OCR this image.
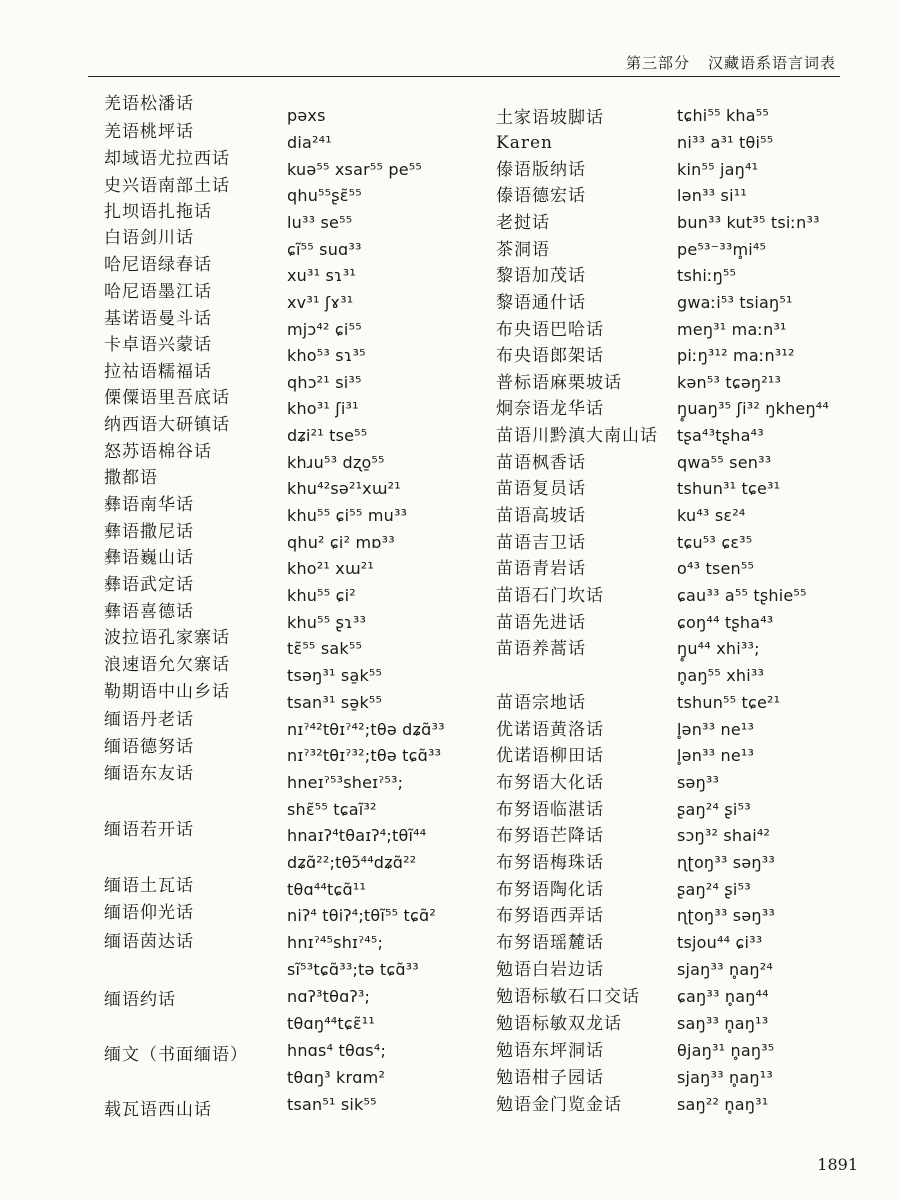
第三部分 汉藏语系语言词表
羌语松潘话
羌语桃坪话
却域语尤拉西话
史兴语南部土话
扎坝语扎拖话
白语剑川话
哈尼语绿春话
哈尼语墨江话
基诺语曼斗话
卡卓语兴蒙话
拉祜语糯福话
傈僳语里吾底话
纳西语大研镇话
怒苏语棉谷话
撒都语
彝语南华话
彝语撒尼话
彝语巍山话
彝语武定话
彝语喜德话
波拉语孔家寨话
浪速语允欠寨话
勒期语中山乡话
缅语丹老话
缅语德努话
缅语东友话
缅语若开话
缅语土瓦话
缅语仰光话
缅语茵达话
缅语约话
缅文（书面缅语）
载瓦语西山话
pəxs
dia²⁴¹
kuə⁵⁵ xsar⁵⁵ pe⁵⁵
qhu⁵⁵ʂɛ̃⁵⁵
lu³³ se⁵⁵
ɕĩ⁵⁵ suɑ³³
xu³¹ sɿ³¹
xv³¹ ʃɤ³¹
mjɔ⁴² ɕi⁵⁵
kho⁵³ sɿ³⁵
qhɔ²¹ si³⁵
kho³¹ ʃi³¹
dʑi²¹ tse⁵⁵
khɹu⁵³ dʐo̱⁵⁵
khu⁴²sə²¹xɯ²¹
khu⁵⁵ ɕi⁵⁵ mu³³
qhu² ɕi² mɒ³³
kho²¹ xɯ²¹
khu⁵⁵ ɕi²
khu⁵⁵ ʂɿ³³
tɛ̃⁵⁵ sak⁵⁵
tsəŋ³¹ sa̱k⁵⁵
tsan³¹ sə̱k⁵⁵
nɪˀ⁴²tθɪˀ⁴²;tθə dʑɑ̃³³
nɪˀ³²tθɪˀ³²;tθə tɕɑ̃³³
hneɪˀ⁵³sheɪˀ⁵³;
shɛ̃⁵⁵ tɕaĩ³²
hnaɪʔ⁴tθaɪʔ⁴;tθĩ⁴⁴
dʑɑ̃²²;tθɔ̃⁴⁴dʑɑ̃²²
tθɑ⁴⁴tɕɑ̃¹¹
niʔ⁴ tθiʔ⁴;tθĩ⁵⁵ tɕɑ̃²
hnɪˀ⁴⁵shɪˀ⁴⁵;
sĩ⁵³tɕɑ̃³³;tə tɕɑ̃³³
nɑʔ³tθɑʔ³;
tθɑŋ⁴⁴tɕɛ̃¹¹
hnɑs⁴ tθɑs⁴;
tθɑŋ³ krɑm²
tsan⁵¹ sik⁵⁵
土家语坡脚话
Karen
傣语版纳话
傣语德宏话
老挝话
茶洞语
黎语加茂话
黎语通什话
布央语巴哈话
布央语郎架话
普标语麻栗坡话
炯奈语龙华话
苗语川黔滇大南山话
苗语枫香话
苗语复员话
苗语高坡话
苗语吉卫话
苗语青岩话
苗语石门坎话
苗语先进话
苗语养蒿话
苗语宗地话
优诺语黄洛话
优诺语柳田话
布努语大化话
布努语临湛话
布努语芒降话
布努语梅珠话
布努语陶化话
布努语西弄话
布努语瑶麓话
勉语白岩边话
勉语标敏石口交话
勉语标敏双龙话
勉语东坪洞话
勉语柑子园话
勉语金门览金话
tɕhi⁵⁵ kha⁵⁵
ni³³ a³¹ tθi⁵⁵
kin⁵⁵ jaŋ⁴¹
lən³³ si¹¹
bun³³ kut³⁵ tsiːn³³
pe⁵³⁻³³m̥i⁴⁵
tshiːŋ⁵⁵
gwaːi⁵³ tsiaŋ⁵¹
meŋ³¹ maːn³¹
piːŋ³¹² maːn³¹²
kən⁵³ tɕəŋ²¹³
ŋ̥uaŋ³⁵ ʃi³² ŋkheŋ⁴⁴
tʂa⁴³tʂha⁴³
qwa⁵⁵ sen³³
tshun³¹ tɕe³¹
ku⁴³ sɛ²⁴
tɕu⁵³ ɕɛ³⁵
o⁴³ tsen⁵⁵
ɕau³³ a⁵⁵ tʂhie⁵⁵
ɕoŋ⁴⁴ tʂha⁴³
ŋ̥u⁴⁴ xhi³³;
n̥aŋ⁵⁵ xhi³³
tshun⁵⁵ tɕe²¹
l̥ən³³ ne¹³
l̥ən³³ ne¹³
səŋ³³
ʂaŋ²⁴ ʂi⁵³
sɔŋ³² shai⁴²
ɳʈoŋ³³ səŋ³³
ʂaŋ²⁴ ʂi⁵³
ɳʈoŋ³³ səŋ³³
tsjou⁴⁴ ɕi³³
sjaŋ³³ n̥aŋ²⁴
ɕaŋ³³ n̥aŋ⁴⁴
saŋ³³ n̥aŋ¹³
θjaŋ³¹ n̥aŋ³⁵
sjaŋ³³ n̥aŋ¹³
saŋ²² n̥aŋ³¹
1891
